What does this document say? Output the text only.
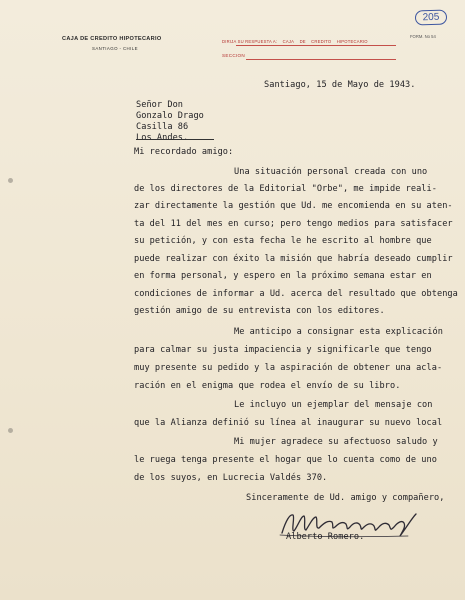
205
CAJA DE CREDITO HIPOTECARIO
SANTIAGO - CHILE
DIRIJA SU RESPUESTA A: CAJA DE CREDITO HIPOTECARIO
SECCION
FORM. No 54
Santiago, 15 de Mayo de 1943.
Señor Don
Gonzalo Drago
Casilla 86
Los Andes.
Mi recordado amigo:
Una situación personal creada con uno
de los directores de la Editorial "Orbe", me impide reali-
zar directamente la gestión que Ud. me encomienda en su aten-
ta del 11 del mes en curso; pero tengo medios para satisfacer
su petición, y con esta fecha le he escrito al hombre que
puede realizar con éxito la misión que habría deseado cumplir
en forma personal, y espero en la próximo semana estar en
condiciones de informar a Ud. acerca del resultado que obtenga
gestión amigo de su entrevista con los editores.
Me anticipo a consignar esta explicación
para calmar su justa impaciencia y significarle que tengo
muy presente su pedido y la aspiración de obtener una acla-
ración en el enigma que rodea el envío de su libro.
Le incluyo un ejemplar del mensaje con
que la Alianza definió su línea al inaugurar su nuevo local
Mi mujer agradece su afectuoso saludo y
le ruega tenga presente el hogar que lo cuenta como de uno
de los suyos, en Lucrecia Valdés 370.
Sinceramente de Ud. amigo y compañero,
Alberto Romero.
